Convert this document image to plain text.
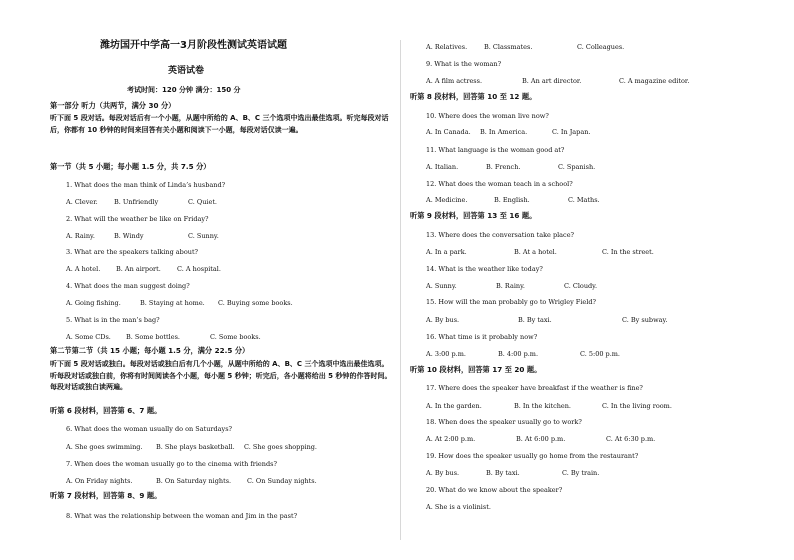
潍坊国开中学高一3月阶段性测试英语试题
英语试卷
考试时间：120 分钟 满分：150 分
第一部分 听力（共两节，满分 30 分）
听下面 5 段对话。每段对话后有一个小题，从题中所给的 A、B、C 三个选项中选出最佳选项。听完每段对话后，你都有 10 秒钟的时间来回答有关小题和阅读下一小题，每段对话仅读一遍。
第一节（共 5 小题；每小题 1.5 分，共 7.5 分）
1. What does the man think of Linda’s husband?
A. Clever.	B. Unfriendly	C. Quiet.
2. What will the weather be like on Friday?
A. Rainy.	B. Windy	C. Sunny.
3. What are the speakers talking about?
A. A hotel. B. An airport. C. A hospital.
4. What does the man suggest doing?
A. Going fishing.	B. Staying at home. C. Buying some books.
5. What is in the man’s bag?
A. Some CDs. B. Some bottles.	C. Some books.
第二节第二节（共 15 小题；每小题 1.5 分，满分 22.5 分）
听下面 5 段对话或独白。每段对话或独白后有几个小题，从题中所给的 A、B、C 三个选项中选出最佳选项。听每段对话或独白前，你将有时间阅读各个小题，每小题 5 秒钟；听完后，各小题将给出 5 秒钟的作答时间。每段对话或独白读两遍。
听第 6 段材料，回答第 6、7 题。
6. What does the woman usually do on Saturdays?
A. She goes swimming. B. She plays basketball. C. She goes shopping.
7. When does the woman usually go to the cinema with friends?
A. On Friday nights.	B. On Saturday nights. C. On Sunday nights.
听第 7 段材料，回答第 8、9 题。
8. What was the relationship between the woman and Jim in the past?
A. Relatives.	B. Classmates.	C. Colleagues.
9. What is the woman?
A. A film actress.	B. An art director.	C. A magazine editor.
听第 8 段材料，回答第 10 至 12 题。
10. Where does the woman live now?
A. In Canada. B. In America.	C. In Japan.
11. What language is the woman good at?
A. Italian.	B. French.	C. Spanish.
12. What does the woman teach in a school?
A. Medicine.	B. English.	C. Maths.
听第 9 段材料，回答第 13 至 16 题。
13. Where does the conversation take place?
A. In a park.	B. At a hotel.	C. In the street.
14. What is the weather like today?
A. Sunny.	B. Rainy.	C. Cloudy.
15. How will the man probably go to Wrigley Field?
A. By bus.	B. By taxi.	C. By subway.
16. What time is it probably now?
A. 3:00 p.m.	B. 4:00 p.m.	C. 5:00 p.m.
听第 10 段材料，回答第 17 至 20 题。
17. Where does the speaker have breakfast if the weather is fine?
A. In the garden.	B. In the kitchen.	C. In the living room.
18. When does the speaker usually go to work?
A. At 2:00 p.m.	B. At 6:00 p.m.	C. At 6:30 p.m.
19. How does the speaker usually go home from the restaurant?
A. By bus.	B. By taxi.	C. By train.
20. What do we know about the speaker?
A. She is a violinist.
